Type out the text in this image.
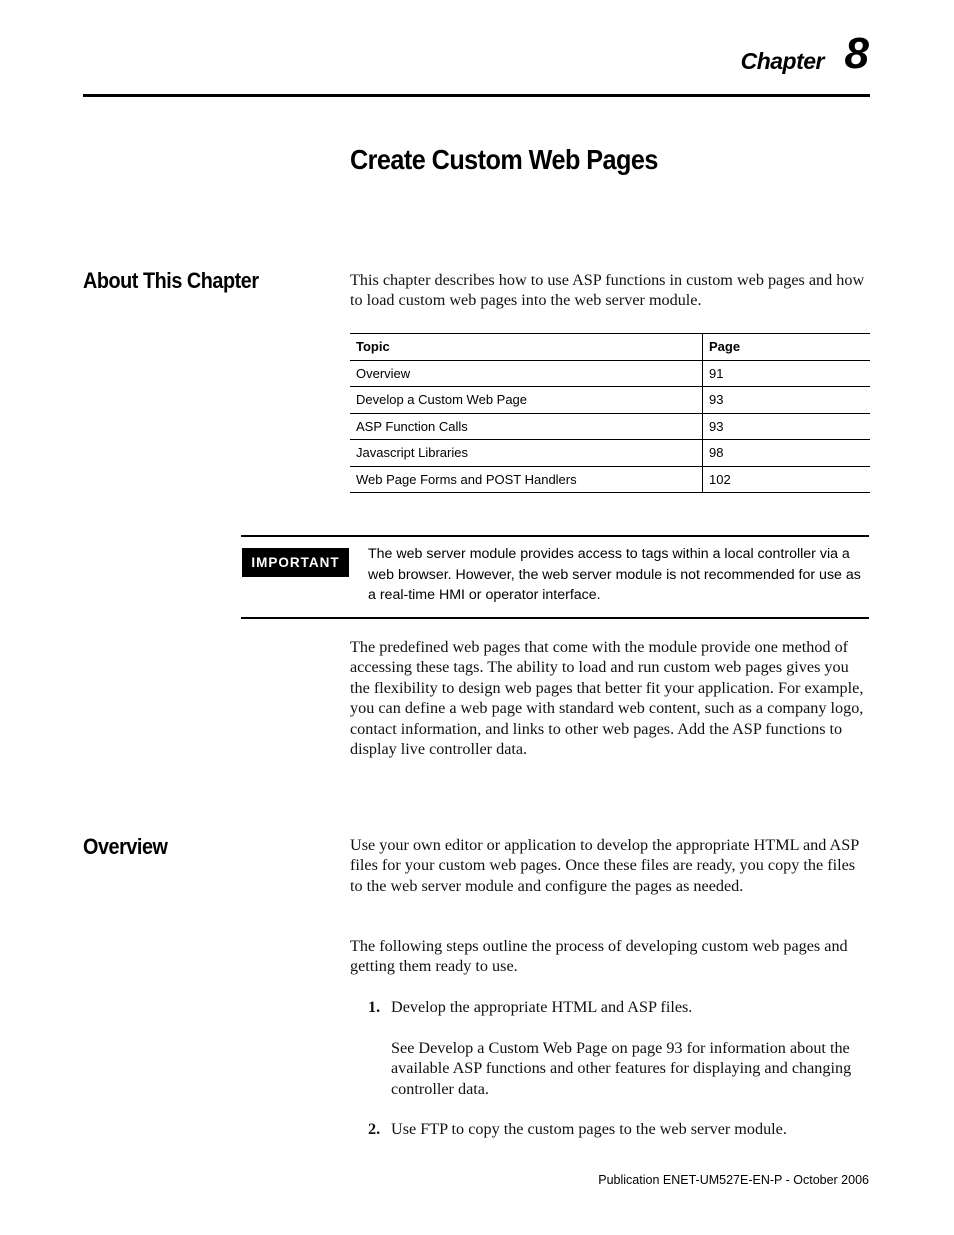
Chapter 8
Create Custom Web Pages
About This Chapter	This chapter describes how to use ASP functions in custom web pages and how to load custom web pages into the web server module.
Topic	Page
Overview	91
Develop a Custom Web Page	93
ASP Function Calls	93
Javascript Libraries	98
Web Page Forms and POST Handlers	102
IMPORTANT
The web server module provides access to tags within a local controller via a web browser. However, the web server module is not recommended for use as a real-time HMI or operator interface.
The predefined web pages that come with the module provide one method of accessing these tags. The ability to load and run custom web pages gives you the flexibility to design web pages that better fit your application. For example, you can define a web page with standard web content, such as a company logo, contact information, and links to other web pages. Add the ASP functions to display live controller data.
Overview	Use your own editor or application to develop the appropriate HTML and ASP files for your custom web pages. Once these files are ready, you copy the files to the web server module and configure the pages as needed.
The following steps outline the process of developing custom web pages and getting them ready to use.
1. Develop the appropriate HTML and ASP files.
See Develop a Custom Web Page on page 93 for information about the available ASP functions and other features for displaying and changing controller data.
2. Use FTP to copy the custom pages to the web server module.
Publication ENET-UM527E-EN-P - October 2006
